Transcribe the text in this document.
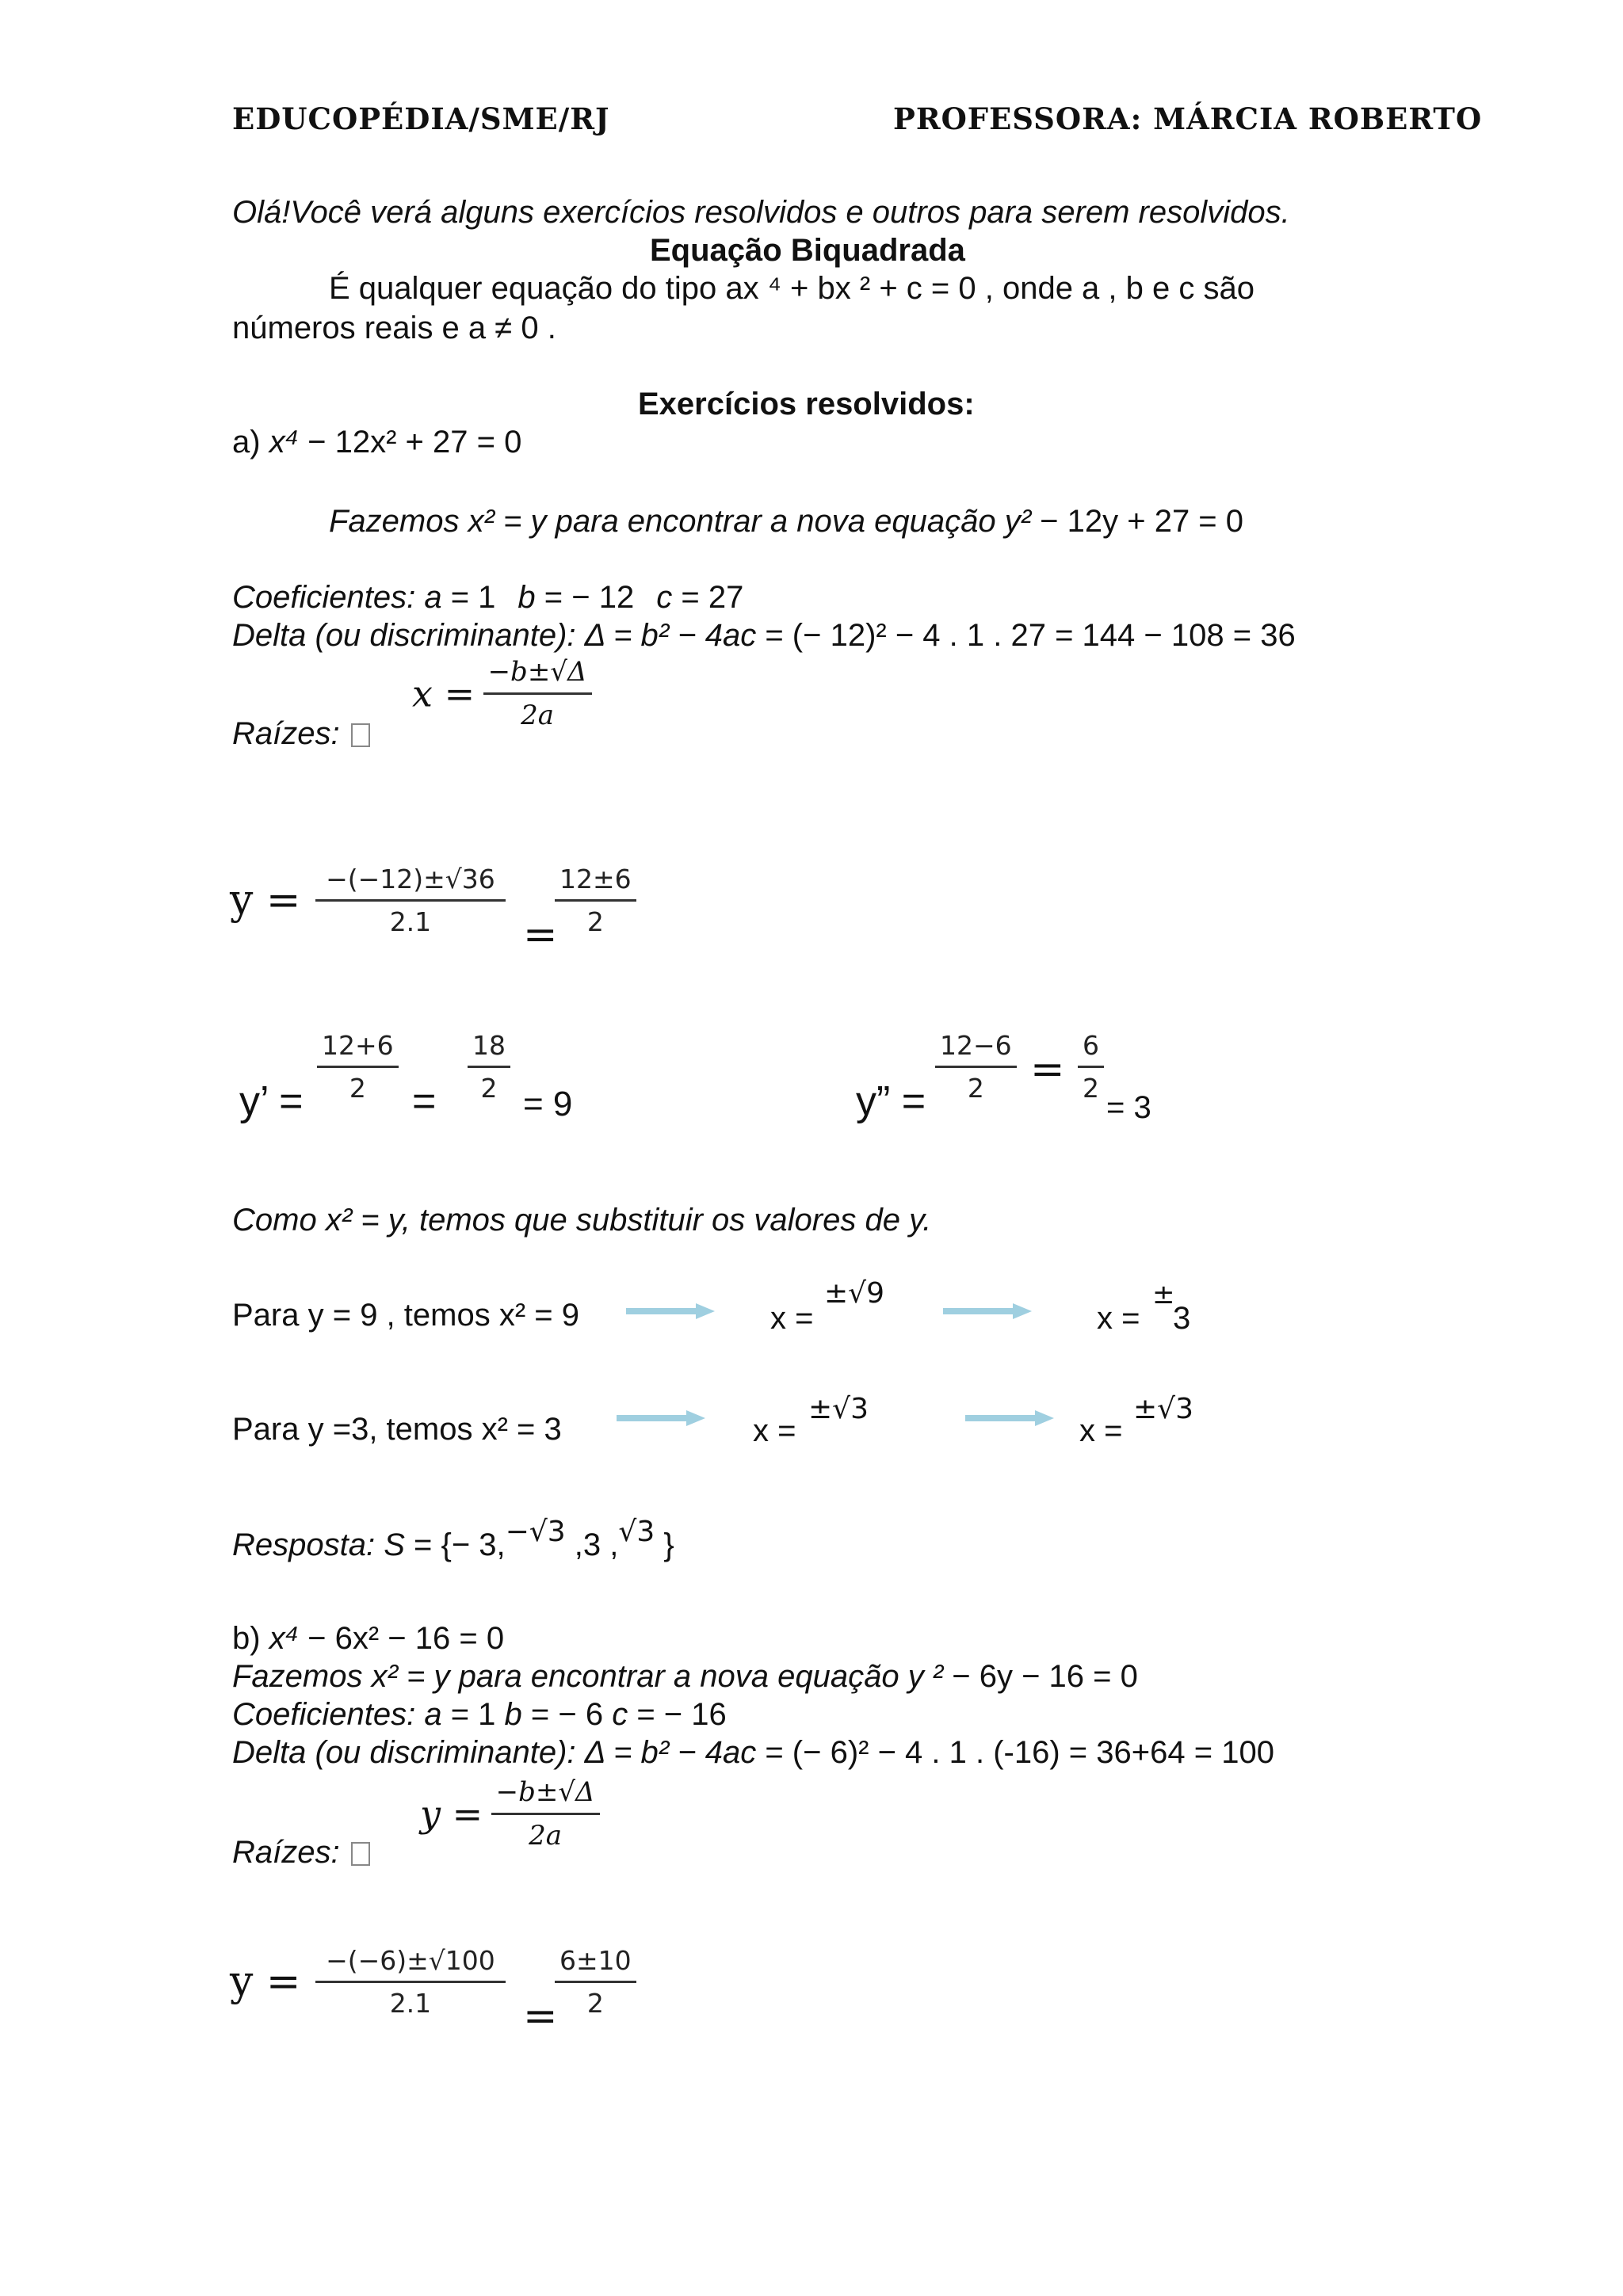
EDUCOPÉDIA/SME/RJ	PROFESSORA: MÁRCIA ROBERTO
Olá!Você verá alguns exercícios resolvidos e outros para serem resolvidos.
Equação Biquadrada
É qualquer equação do tipo ax ⁴ + bx ² + c = 0 , onde a , b e c são
números reais e a ≠ 0 .
Exercícios resolvidos:
a) x⁴ − 12x² + 27 = 0
Fazemos x² = y para encontrar a nova equação y² − 12y + 27 = 0
Coeficientes: a = 1 b = − 12 c = 27
Delta (ou discriminante): Δ = b² − 4ac = (− 12)² − 4 . 1 . 27 = 144 − 108 = 36
Raízes:
$x = \frac{-b\pm√\Delta}{2a}$
$y = \frac{-(-12)\pm√36}{2.1}$ =
$\frac{12\pm 6}{2}$
y’ = $\frac{12+6}{2} = \frac{18}{2}$
= 9	y” = $\frac{12-6}{2} = \frac{6}{2}$
= 3
Como x² = y, temos que substituir os valores de y.
Para y = 9 , temos x² = 9	x =
±√9
x =
±
3
Para y =3, temos x² = 3	x =
±√3
x =
±√3
Resposta: S = {− 3,−√3 ,3 ,√3 }
b) x⁴ − 6x² − 16 = 0
Fazemos x² = y para encontrar a nova equação y ² − 6y − 16 = 0
Coeficientes: a = 1 b = − 6 c = − 16
Delta (ou discriminante): Δ = b² − 4ac = (− 6)² − 4 . 1 . (-16) = 36+64 = 100
Raízes:
$y = \frac{-b\pm√\Delta}{2a}$
$y = \frac{-(-6)\pm√100}{2.1}$ =
$\frac{6\pm 10}{2}$
